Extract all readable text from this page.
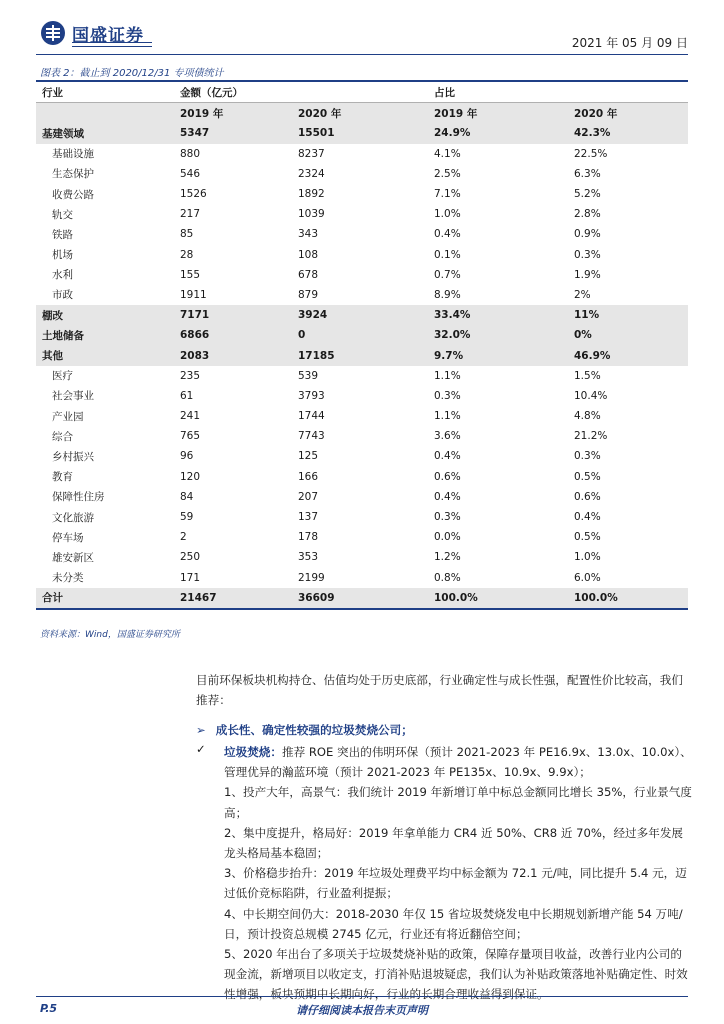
国盛证券	2021 年 05 月 09 日
图表 2：截止到 2020/12/31 专项债统计
行业	金额（亿元）		占比	
	2019 年	2020 年	2019 年	2020 年
基建领域	5347	15501	24.9%	42.3%
基础设施	880	8237	4.1%	22.5%
生态保护	546	2324	2.5%	6.3%
收费公路	1526	1892	7.1%	5.2%
轨交	217	1039	1.0%	2.8%
铁路	85	343	0.4%	0.9%
机场	28	108	0.1%	0.3%
水利	155	678	0.7%	1.9%
市政	1911	879	8.9%	2%
棚改	7171	3924	33.4%	11%
土地储备	6866	0	32.0%	0%
其他	2083	17185	9.7%	46.9%
医疗	235	539	1.1%	1.5%
社会事业	61	3793	0.3%	10.4%
产业园	241	1744	1.1%	4.8%
综合	765	7743	3.6%	21.2%
乡村振兴	96	125	0.4%	0.3%
教育	120	166	0.6%	0.5%
保障性住房	84	207	0.4%	0.6%
文化旅游	59	137	0.3%	0.4%
停车场	2	178	0.0%	0.5%
雄安新区	250	353	1.2%	1.0%
未分类	171	2199	0.8%	6.0%
合计	21467	36609	100.0%	100.0%
资料来源：Wind，国盛证券研究所
目前环保板块机构持仓、估值均处于历史底部，行业确定性与成长性强，配置性价比较高，我们推荐：
➢ 成长性、确定性较强的垃圾焚烧公司；
✓ 垃圾焚烧：推荐 ROE 突出的伟明环保（预计 2021-2023 年 PE16.9x、13.0x、10.0x）、管理优异的瀚蓝环境（预计 2021-2023 年 PE135x、10.9x、9.9x）；
1、投产大年，高景气：我们统计 2019 年新增订单中标总金额同比增长 35%，行业景气度高；
2、集中度提升，格局好：2019 年拿单能力 CR4 近 50%、CR8 近 70%，经过多年发展龙头格局基本稳固；
3、价格稳步抬升：2019 年垃圾处理费平均中标金额为 72.1 元/吨，同比提升 5.4 元，迈过低价竞标陷阱，行业盈利提振；
4、中长期空间仍大：2018-2030 年仅 15 省垃圾焚烧发电中长期规划新增产能 54 万吨/日，预计投资总规模 2745 亿元，行业还有将近翻倍空间；
5、2020 年出台了多项关于垃圾焚烧补贴的政策，保障存量项目收益，改善行业内公司的现金流，新增项目以收定支，打消补贴退坡疑虑，我们认为补贴政策落地补贴确定性、时效性增强，板块预期中长期向好，行业的长期合理收益得到保证。
P.5	请仔细阅读本报告末页声明
